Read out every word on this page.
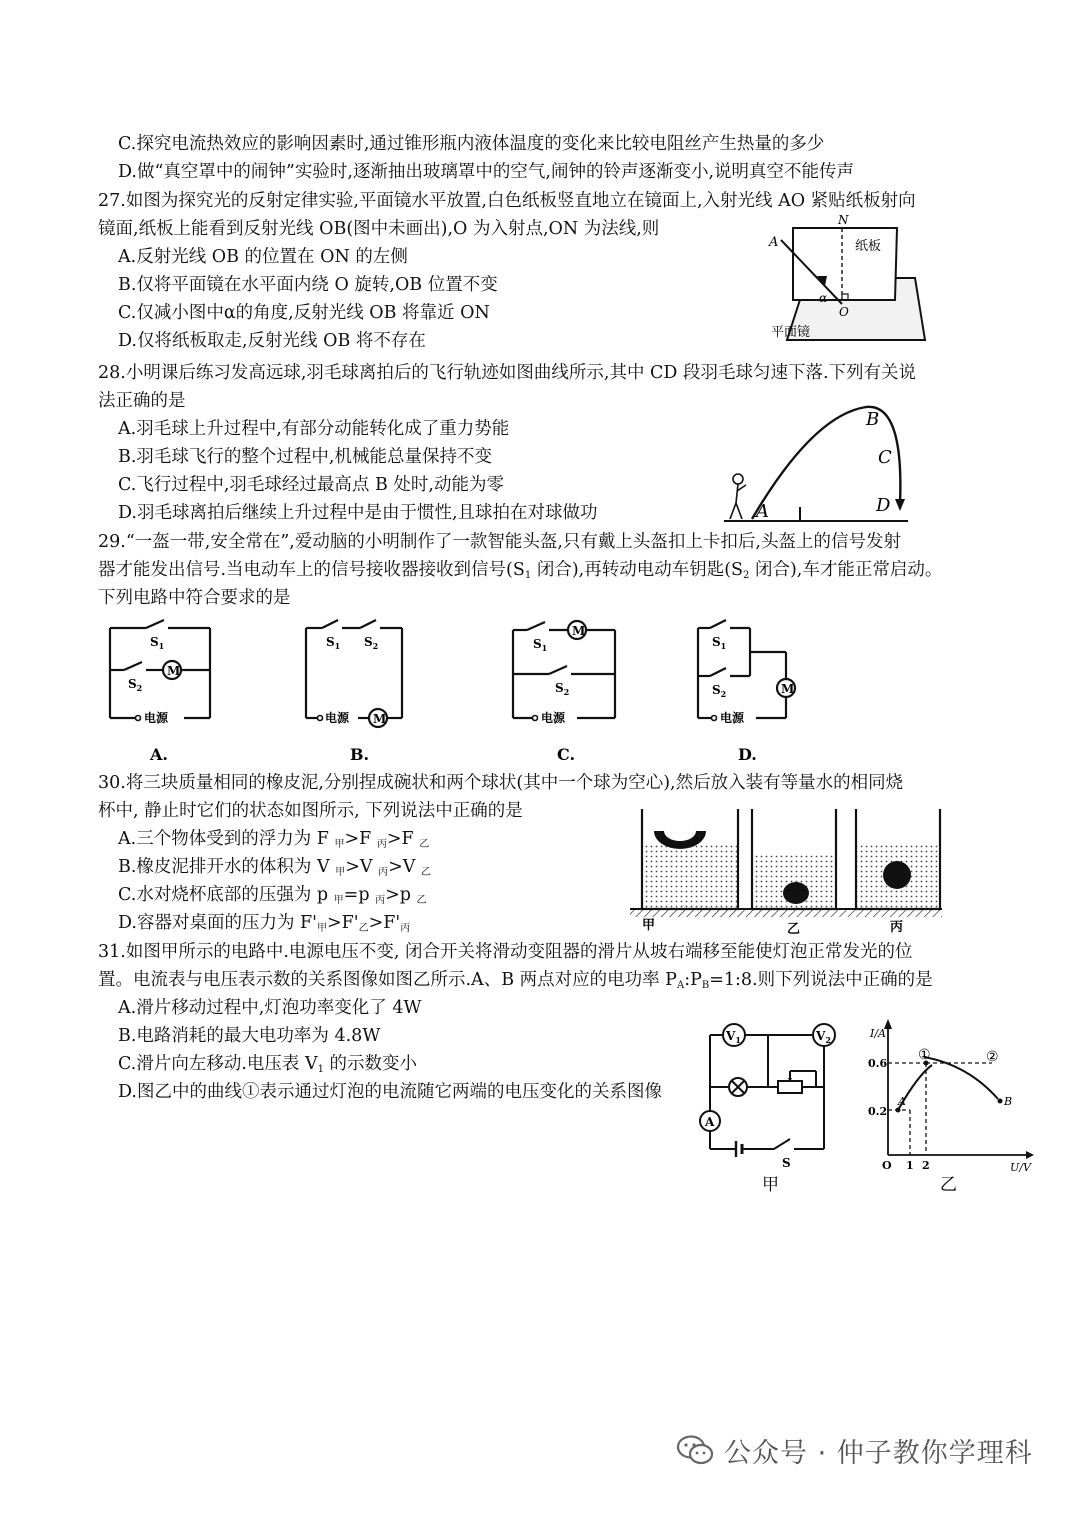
C.探究电流热效应的影响因素时,通过锥形瓶内液体温度的变化来比较电阻丝产生热量的多少
D.做“真空罩中的闹钟”实验时,逐渐抽出玻璃罩中的空气,闹钟的铃声逐渐变小,说明真空不能传声
27.如图为探究光的反射定律实验,平面镜水平放置,白色纸板竖直地立在镜面上,入射光线 AO 紧贴纸板射向
镜面,纸板上能看到反射光线 OB(图中未画出),O 为入射点,ON 为法线,则
A.反射光线 OB 的位置在 ON 的左侧
B.仅将平面镜在水平面内绕 O 旋转,OB 位置不变
C.仅减小图中α的角度,反射光线 OB 将靠近 ON
D.仅将纸板取走,反射光线 OB 将不存在
N
A
α
O
纸板
平面镜
28.小明课后练习发高远球,羽毛球离拍后的飞行轨迹如图曲线所示,其中 CD 段羽毛球匀速下落.下列有关说
法正确的是
A.羽毛球上升过程中,有部分动能转化成了重力势能
B.羽毛球飞行的整个过程中,机械能总量保持不变
C.飞行过程中,羽毛球经过最高点 B 处时,动能为零
D.羽毛球离拍后继续上升过程中是由于惯性,且球拍在对球做功	A
B
C
D
29.“一盔一带,安全常在”,爱动脑的小明制作了一款智能头盔,只有戴上头盔扣上卡扣后,头盔上的信号发射
器才能发出信号.当电动车上的信号接收器接收到信号($S_1$ 闭合),再转动电动车钥匙($S_2$ 闭合),车才能正常启动。
下列电路中符合要求的是
$S_1$
$S_2$
M
电源
A.
$S_1$ $S_2$
电源 M
B.
$S_1$
M
$S_2$
电源
C.
$S_1$
$S_2$	M
电源
D.
30.将三块质量相同的橡皮泥,分别捏成碗状和两个球状(其中一个球为空心),然后放入装有等量水的相同烧
杯中, 静止时它们的状态如图所示, 下列说法中正确的是
A.三个物体受到的浮力为 F $_甲$>F $_丙$>F $_乙$
B.橡皮泥排开水的体积为 V $_甲$>V $_丙$>V $_乙$
C.水对烧杯底部的压强为 p $_甲$=p $_丙$>p $_乙$
D.容器对桌面的压力为 $F'_甲>F'_乙>F'_丙$	甲	乙	丙
31.如图甲所示的电路中.电源电压不变, 闭合开关将滑动变阻器的滑片从坡右端移至能使灯泡正常发光的位
置。电流表与电压表示数的关系图像如图乙所示.A、B 两点对应的电功率 $P_A:P_B=1:8$.则下列说法中正确的是
A.滑片移动过程中,灯泡功率变化了 4W
B.电路消耗的最大电功率为 4.8W
C.滑片向左移动.电压表 $V_1$ 的示数变小
D.图乙中的曲线①表示通过灯泡的电流随它两端的电压变化的关系图像
$V_1$	$V_2$
A
S
甲
I/A
U/V
0.6
0.2
O 1 2
①	②
A	B
乙
公众号 · 仲子教你学理科
